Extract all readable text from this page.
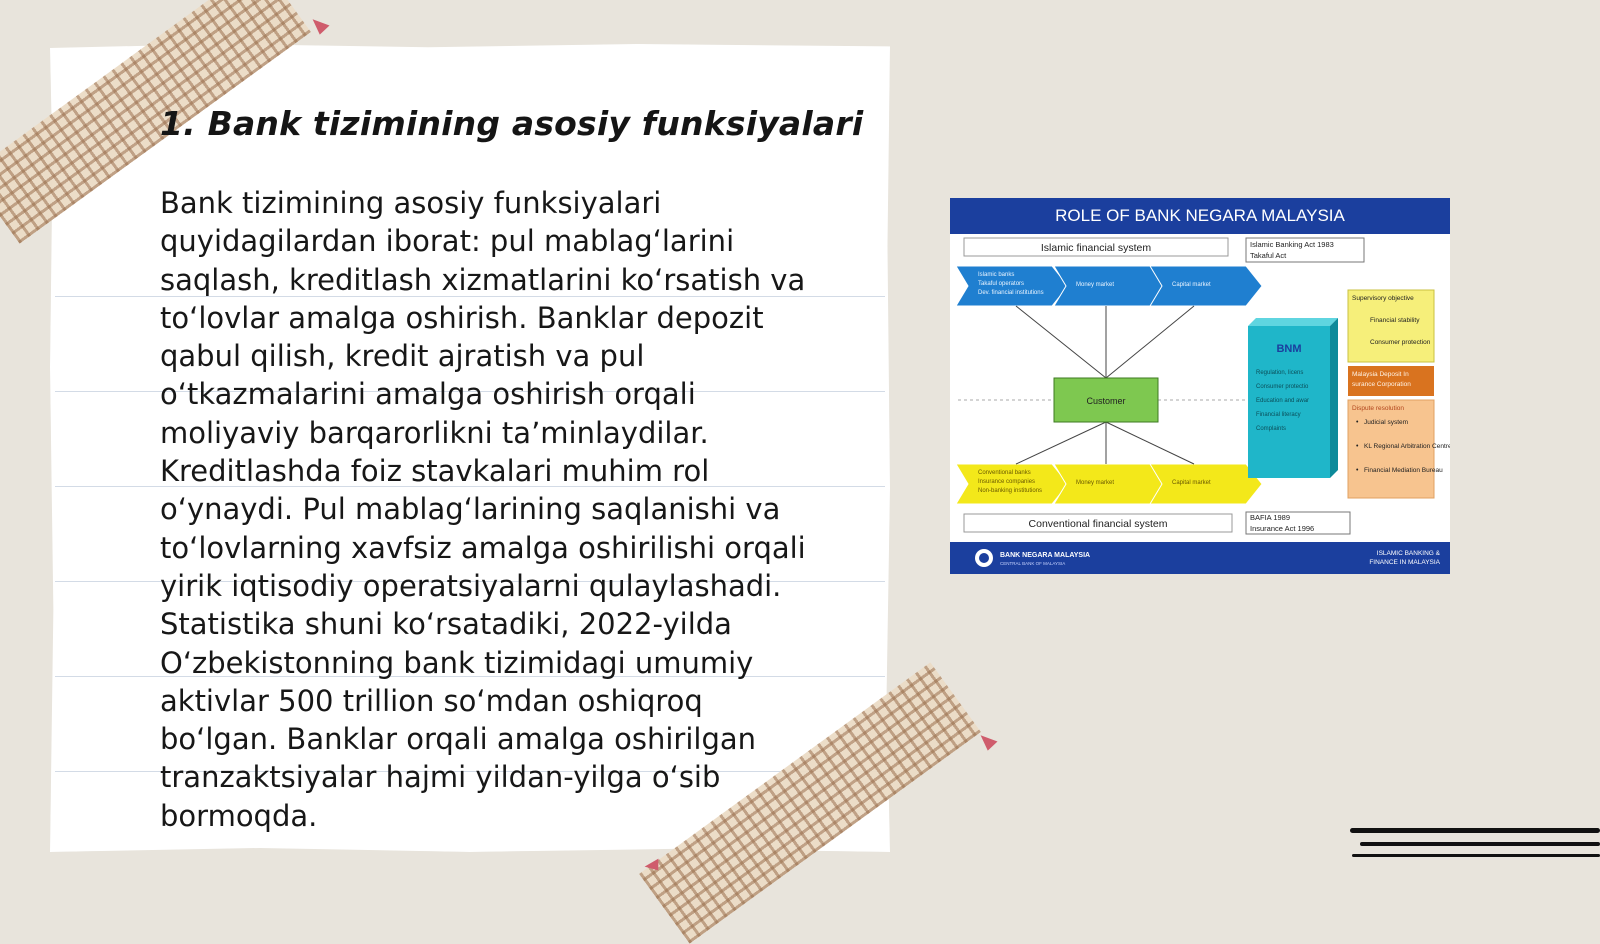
1. Bank tizimining asosiy funksiyalari
Bank tizimining asosiy funksiyalari
quyidagilardan iborat: pul mablag‘larini
saqlash, kreditlash xizmatlarini ko‘rsatish va
to‘lovlar amalga oshirish. Banklar depozit
qabul qilish, kredit ajratish va pul
o‘tkazmalarini amalga oshirish orqali
moliyaviy barqarorlikni ta’minlaydilar.
Kreditlashda foiz stavkalari muhim rol
o‘ynaydi. Pul mablag‘larining saqlanishi va
to‘lovlarning xavfsiz amalga oshirilishi orqali
yirik iqtisodiy operatsiyalarni qulaylashadi.
Statistika shuni ko‘rsatadiki, 2022-yilda
O‘zbekistonning bank tizimidagi umumiy
aktivlar 500 trillion so‘mdan oshiqroq
bo‘lgan. Banklar orqali amalga oshirilgan
tranzaktsiyalar hajmi yildan-yilga o‘sib
bormoqda.
ROLE OF BANK NEGARA MALAYSIA
Islamic financial system	Islamic Banking Act 1983
Takaful Act
Islamic banks
Takaful operators
Dev. financial institutions
Money market	Capital market
Conventional banks
Insurance companies
Non-banking institutions
Money market	Capital market
Customer
BNM
Regulation, licens
Consumer protectio
Education and awar
Financial literacy
Complaints
Supervisory objective
Financial stability
Consumer protection
Malaysia Deposit In
surance Corporation
Dispute resolution
• Judicial system
• KL Regional Arbitration Centre
• Financial Mediation Bureau
Conventional financial system
BAFIA 1989
Insurance Act 1996
BANK NEGARA MALAYSIA
CENTRAL BANK OF MALAYSIA
ISLAMIC BANKING &
FINANCE IN MALAYSIA
